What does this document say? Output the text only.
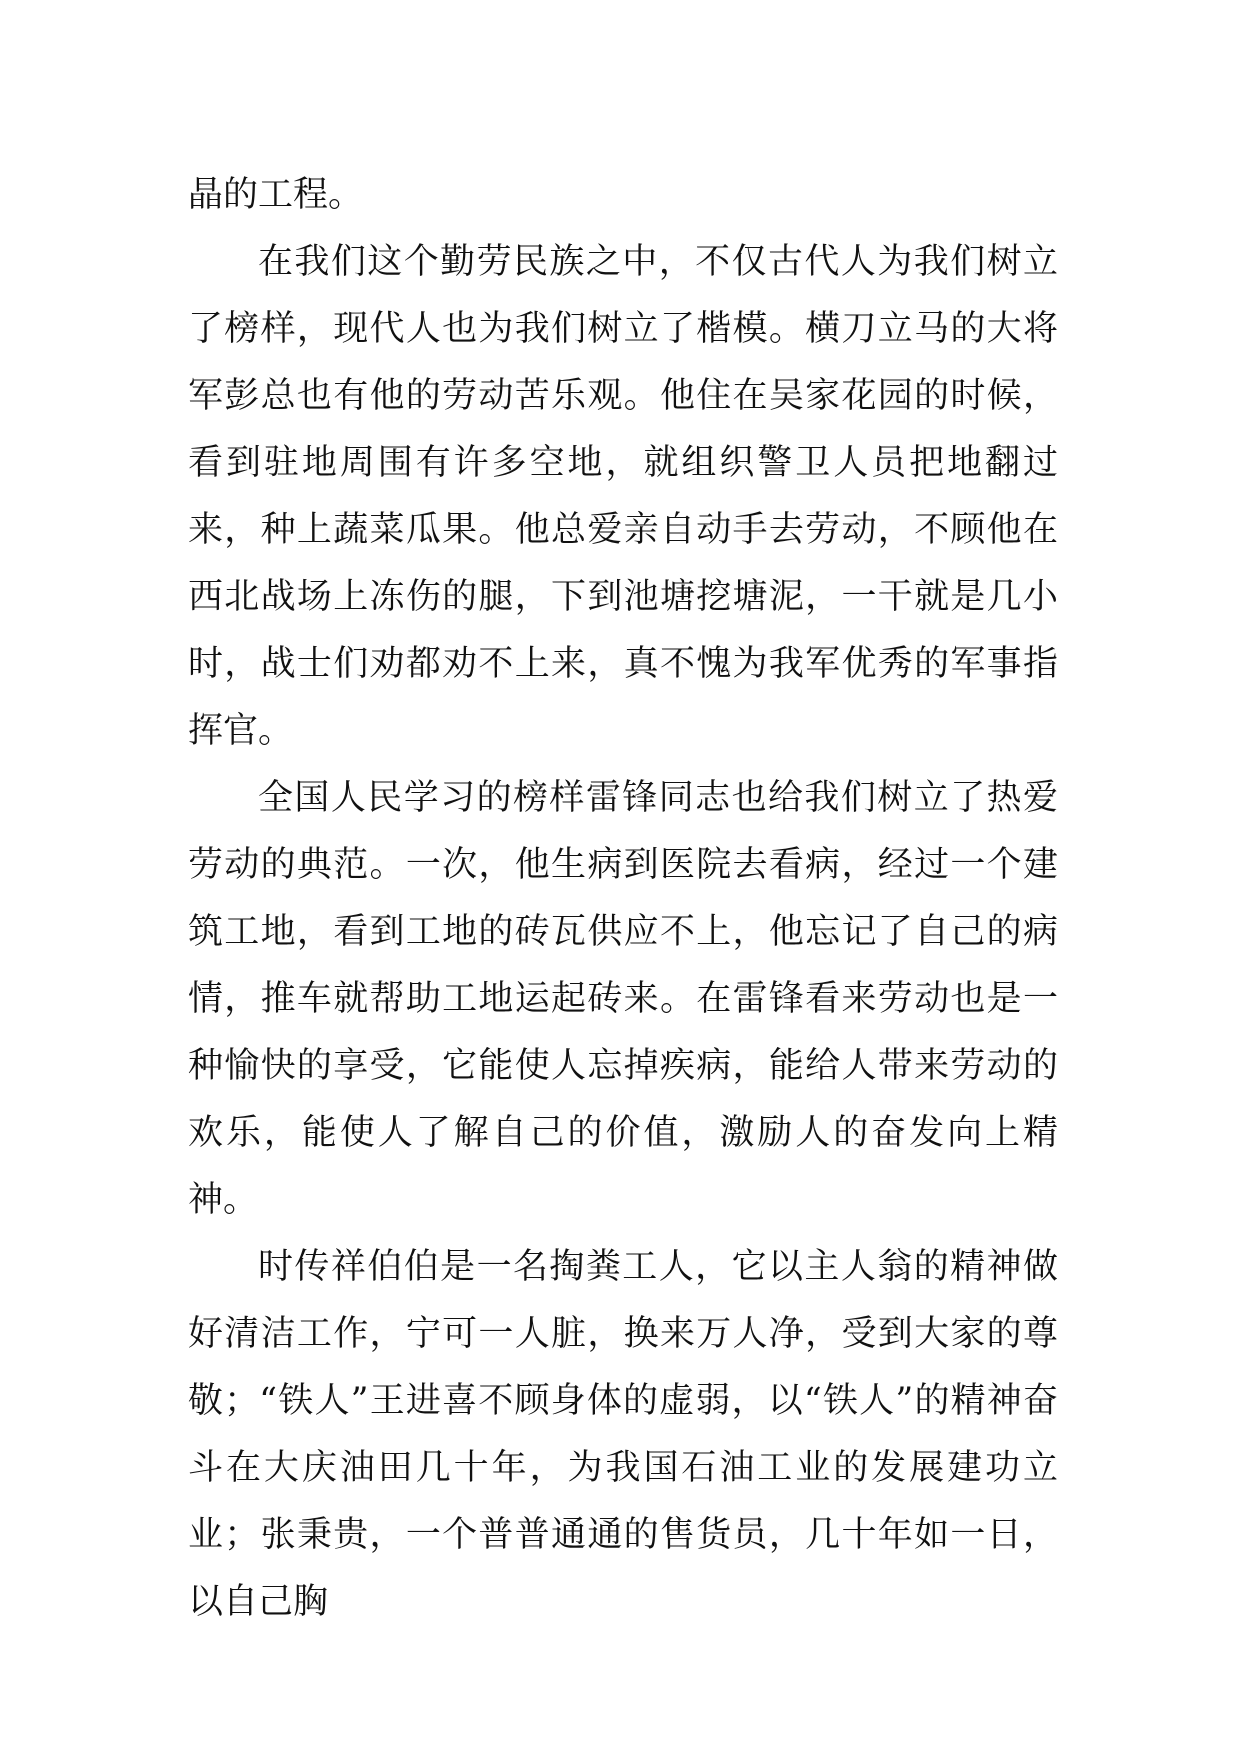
晶的工程。

在我们这个勤劳民族之中，不仅古代人为我们树立了榜样，现代人也为我们树立了楷模。横刀立马的大将军彭总也有他的劳动苦乐观。他住在吴家花园的时候，看到驻地周围有许多空地，就组织警卫人员把地翻过来，种上蔬菜瓜果。他总爱亲自动手去劳动，不顾他在西北战场上冻伤的腿，下到池塘挖塘泥，一干就是几小时，战士们劝都劝不上来，真不愧为我军优秀的军事指挥官。

全国人民学习的榜样雷锋同志也给我们树立了热爱劳动的典范。一次，他生病到医院去看病，经过一个建筑工地，看到工地的砖瓦供应不上，他忘记了自己的病情，推车就帮助工地运起砖来。在雷锋看来劳动也是一种愉快的享受，它能使人忘掉疾病，能给人带来劳动的欢乐，能使人了解自己的价值，激励人的奋发向上精神。

时传祥伯伯是一名掏粪工人，它以主人翁的精神做好清洁工作，宁可一人脏，换来万人净，受到大家的尊敬；“铁人”王进喜不顾身体的虚弱，以“铁人”的精神奋斗在大庆油田几十年，为我国石油工业的发展建功立业；张秉贵，一个普普通通的售货员，几十年如一日，以自己胸
